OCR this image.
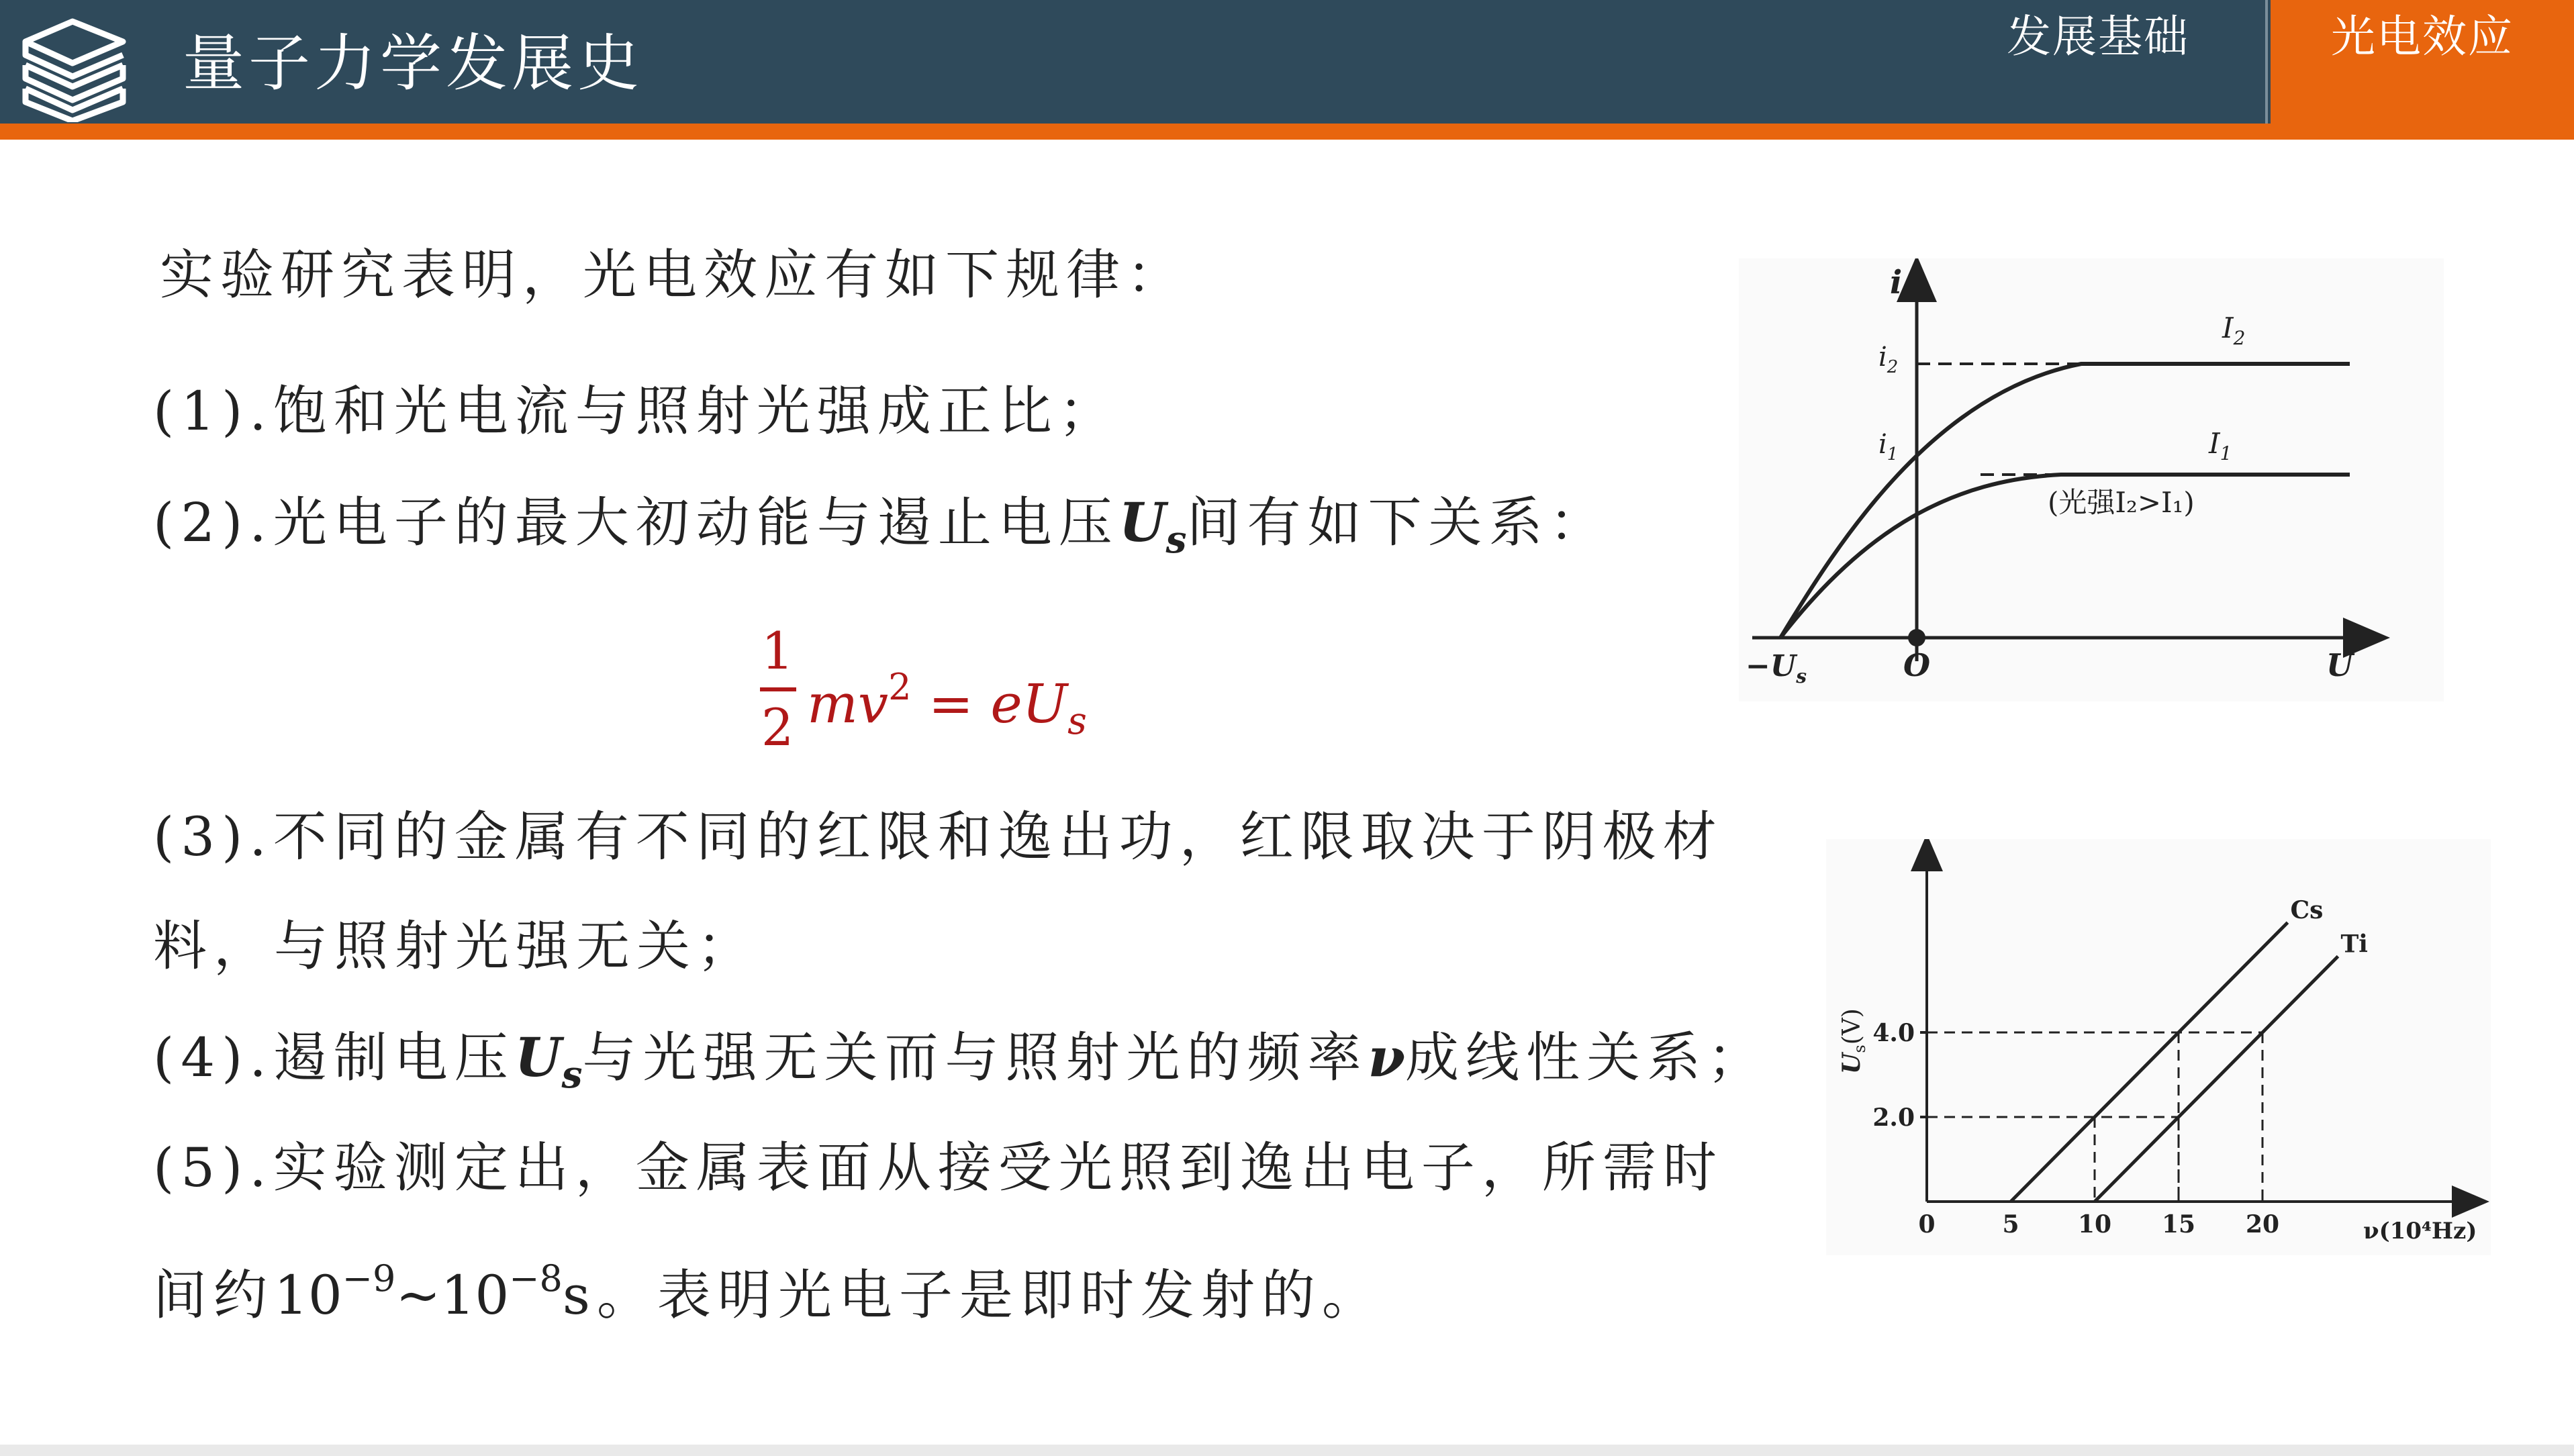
量子力学发展史	发展基础	光电效应
实验研究表明，光电效应有如下规律：
(1).饱和光电流与照射光强成正比；
(2).光电子的最大初动能与遏止电压$U_s$间有如下关系：
1
2 $mv^2 = eU_s$
(3).不同的金属有不同的红限和逸出功，红限取决于阴极材
料，与照射光强无关；
(4).遏制电压$U_s$与光强无关而与照射光的频率ν成线性关系；
(5).实验测定出，金属表面从接受光照到逸出电子，所需时
间约$10^{-9}\sim 10^{-8}s$。表明光电子是即时发射的。
i
$i_2$
$i_1$
$I_2$
$I_1$
(光强I₂>I₁)
$-U_s$	O	U
Cs
Ti
0	5 10 15 20
2.0
4.0
ν(10⁴Hz)
$U_s(V)$
